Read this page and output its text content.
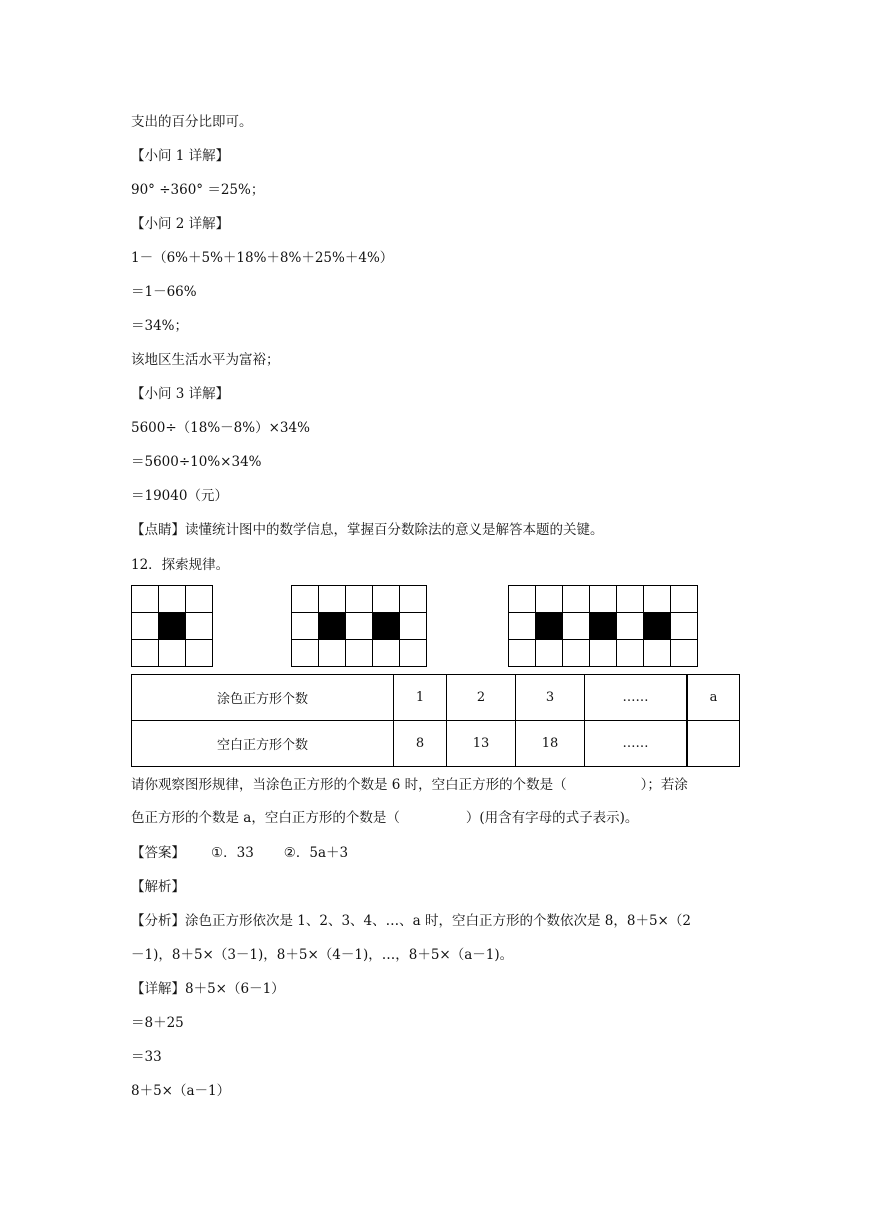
支出的百分比即可。
【小问 1 详解】
90° ÷360° ＝25%；
【小问 2 详解】
1－（6%＋5%＋18%＋8%＋25%＋4%）
＝1－66%
＝34%；
该地区生活水平为富裕；
【小问 3 详解】
5600÷（18%－8%）×34%
＝5600÷10%×34%
＝19040（元）
【点睛】读懂统计图中的数学信息，掌握百分数除法的意义是解答本题的关键。
12．探索规律。

涂色正方形个数	1	2	3	……	a
空白正方形个数	8	13	18	……	
请你观察图形规律，当涂色正方形的个数是 6 时，空白正方形的个数是（	）；若涂
色正方形的个数是 a，空白正方形的个数是（	）(用含有字母的式子表示)。
【答案】 ①．33 ②．5a＋3
【解析】
【分析】涂色正方形依次是 1、2、3、4、…、a 时，空白正方形的个数依次是 8，8＋5×（2
－1)，8＋5×（3－1)，8＋5×（4－1)，…，8＋5×（a－1)。
【详解】8＋5×（6－1）
＝8＋25
＝33
8＋5×（a－1）
